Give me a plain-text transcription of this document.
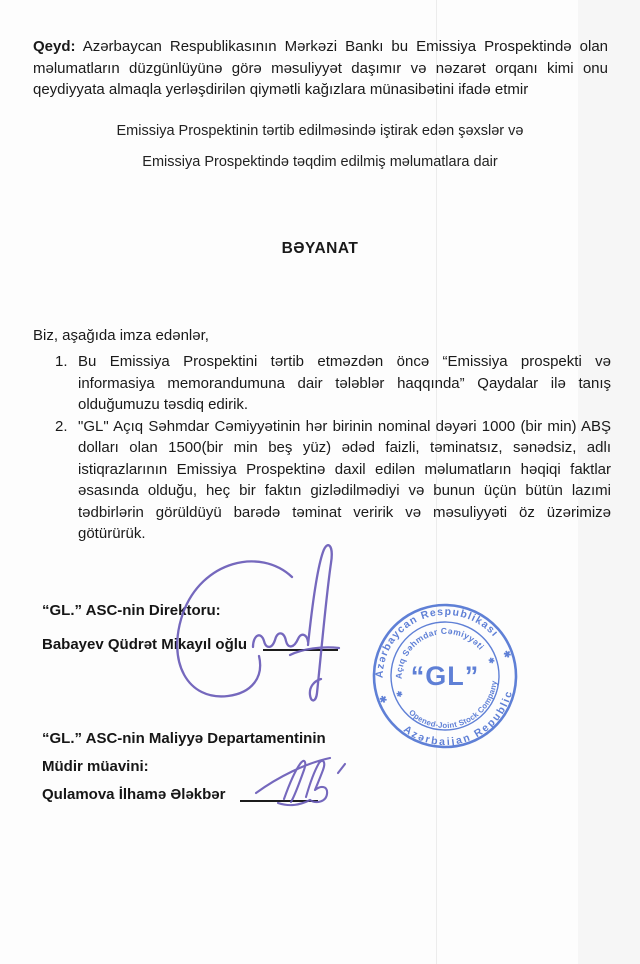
Qeyd: Azərbaycan Respublikasının Mərkəzi Bankı bu Emissiya Prospektində olan məlumatların düzgünlüyünə görə məsuliyyət daşımır və nəzarət orqanı kimi onu qeydiyyata almaqla yerləşdirilən qiymətli kağızlara münasibətini ifadə etmir

Emissiya Prospektinin tərtib edilməsində iştirak edən şəxslər və
Emissiya Prospektində təqdim edilmiş məlumatlara dair
BƏYANAT
Biz, aşağıda imza edənlər,
1. Bu Emissiya Prospektini tərtib etməzdən öncə “Emissiya prospekti və informasiya memorandumuna dair tələblər haqqında” Qaydalar ilə tanış olduğumuzu təsdiq edirik.
2. "GL" Açıq Səhmdar Cəmiyyətinin hər birinin nominal dəyəri 1000 (bir min) ABŞ dolları olan 1500(bir min beş yüz) ədəd faizli, təminatsız, sənədsiz, adlı istiqrazlarının Emissiya Prospektinə daxil edilən məlumatların həqiqi faktlar əsasında olduğu, heç bir faktın gizlədilmədiyi və bunun üçün bütün lazımi tədbirlərin görüldüyü barədə təminat veririk və məsuliyyəti öz üzərimizə götürürük.
“GL.” ASC-nin Direktoru:
Babayev Qüdrət Mikayıl oğlu
Azərbaycan Respublikası
Azərbaijan Republic
Açıq Səhmdar Cəmiyyəti
Opened-Joint Stock Company
✱
✱
✱
✱
“GL”
“GL.” ASC-nin Maliyyə Departamentinin
Müdir müavini:
Qulamova İlhamə Ələkbər
